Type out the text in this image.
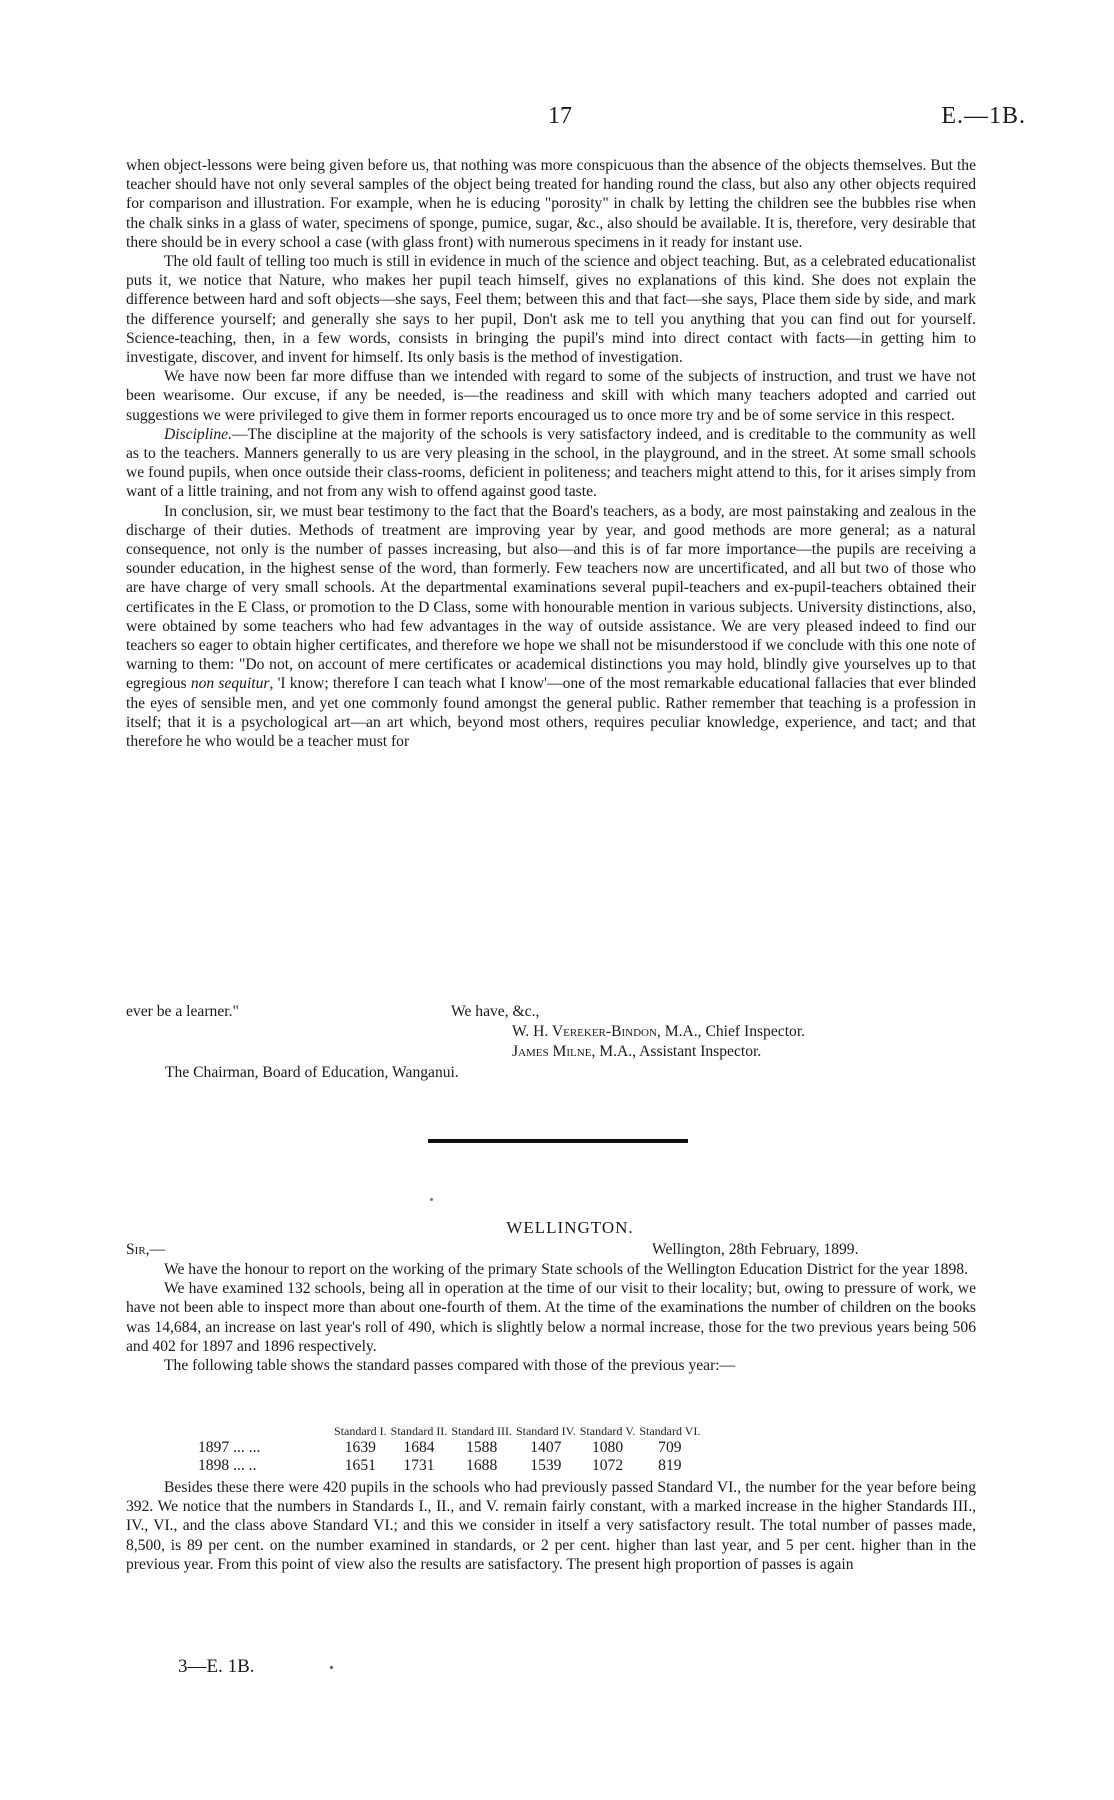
17	E.—1B.

when object-lessons were being given before us, that nothing was more conspicuous than the absence of the objects themselves. But the teacher should have not only several samples of the object being treated for handing round the class, but also any other objects required for comparison and illustration. For example, when he is educing "porosity" in chalk by letting the children see the bubbles rise when the chalk sinks in a glass of water, specimens of sponge, pumice, sugar, &c., also should be available. It is, therefore, very desirable that there should be in every school a case (with glass front) with numerous specimens in it ready for instant use.

The old fault of telling too much is still in evidence in much of the science and object teaching. But, as a celebrated educationalist puts it, we notice that Nature, who makes her pupil teach himself, gives no explanations of this kind. She does not explain the difference between hard and soft objects—she says, Feel them; between this and that fact—she says, Place them side by side, and mark the difference yourself; and generally she says to her pupil, Don't ask me to tell you anything that you can find out for yourself. Science-teaching, then, in a few words, consists in bringing the pupil's mind into direct contact with facts—in getting him to investigate, discover, and invent for himself. Its only basis is the method of investigation.

We have now been far more diffuse than we intended with regard to some of the subjects of instruction, and trust we have not been wearisome. Our excuse, if any be needed, is—the readiness and skill with which many teachers adopted and carried out suggestions we were privileged to give them in former reports encouraged us to once more try and be of some service in this respect.

Discipline.—The discipline at the majority of the schools is very satisfactory indeed, and is creditable to the community as well as to the teachers. Manners generally to us are very pleasing in the school, in the playground, and in the street. At some small schools we found pupils, when once outside their class-rooms, deficient in politeness; and teachers might attend to this, for it arises simply from want of a little training, and not from any wish to offend against good taste.

In conclusion, sir, we must bear testimony to the fact that the Board's teachers, as a body, are most painstaking and zealous in the discharge of their duties. Methods of treatment are improving year by year, and good methods are more general; as a natural consequence, not only is the number of passes increasing, but also—and this is of far more importance—the pupils are receiving a sounder education, in the highest sense of the word, than formerly. Few teachers now are uncertificated, and all but two of those who are have charge of very small schools. At the departmental examinations several pupil-teachers and ex-pupil-teachers obtained their certificates in the E Class, or promotion to the D Class, some with honourable mention in various subjects. University distinctions, also, were obtained by some teachers who had few advantages in the way of outside assistance. We are very pleased indeed to find our teachers so eager to obtain higher certificates, and therefore we hope we shall not be misunderstood if we conclude with this one note of warning to them: "Do not, on account of mere certificates or academical distinctions you may hold, blindly give yourselves up to that egregious non sequitur, 'I know; therefore I can teach what I know'—one of the most remarkable educational fallacies that ever blinded the eyes of sensible men, and yet one commonly found amongst the general public. Rather remember that teaching is a profession in itself; that it is a psychological art—an art which, beyond most others, requires peculiar knowledge, experience, and tact; and that therefore he who would be a teacher must for

ever be a learner."	We have, &c.,
W. H. Vereker-Bindon, M.A., Chief Inspector.
James Milne, M.A., Assistant Inspector.
The Chairman, Board of Education, Wanganui.
WELLINGTON.
Sir,—	Wellington, 28th February, 1899.

We have the honour to report on the working of the primary State schools of the Wellington Education District for the year 1898.

We have examined 132 schools, being all in operation at the time of our visit to their locality; but, owing to pressure of work, we have not been able to inspect more than about one-fourth of them. At the time of the examinations the number of children on the books was 14,684, an increase on last year's roll of 490, which is slightly below a normal increase, those for the two previous years being 506 and 402 for 1897 and 1896 respectively.

The following table shows the standard passes compared with those of the previous year:—

	Standard I.	Standard II.	Standard III.	Standard IV.	Standard V.	Standard VI.
1897 ... ...	1639	1684	1588	1407	1080	709
1898 ... ..	1651	1731	1688	1539	1072	819

Besides these there were 420 pupils in the schools who had previously passed Standard VI., the number for the year before being 392. We notice that the numbers in Standards I., II., and V. remain fairly constant, with a marked increase in the higher Standards III., IV., VI., and the class above Standard VI.; and this we consider in itself a very satisfactory result. The total number of passes made, 8,500, is 89 per cent. on the number examined in standards, or 2 per cent. higher than last year, and 5 per cent. higher than in the previous year. From this point of view also the results are satisfactory. The present high proportion of passes is again

3—E. 1B.
